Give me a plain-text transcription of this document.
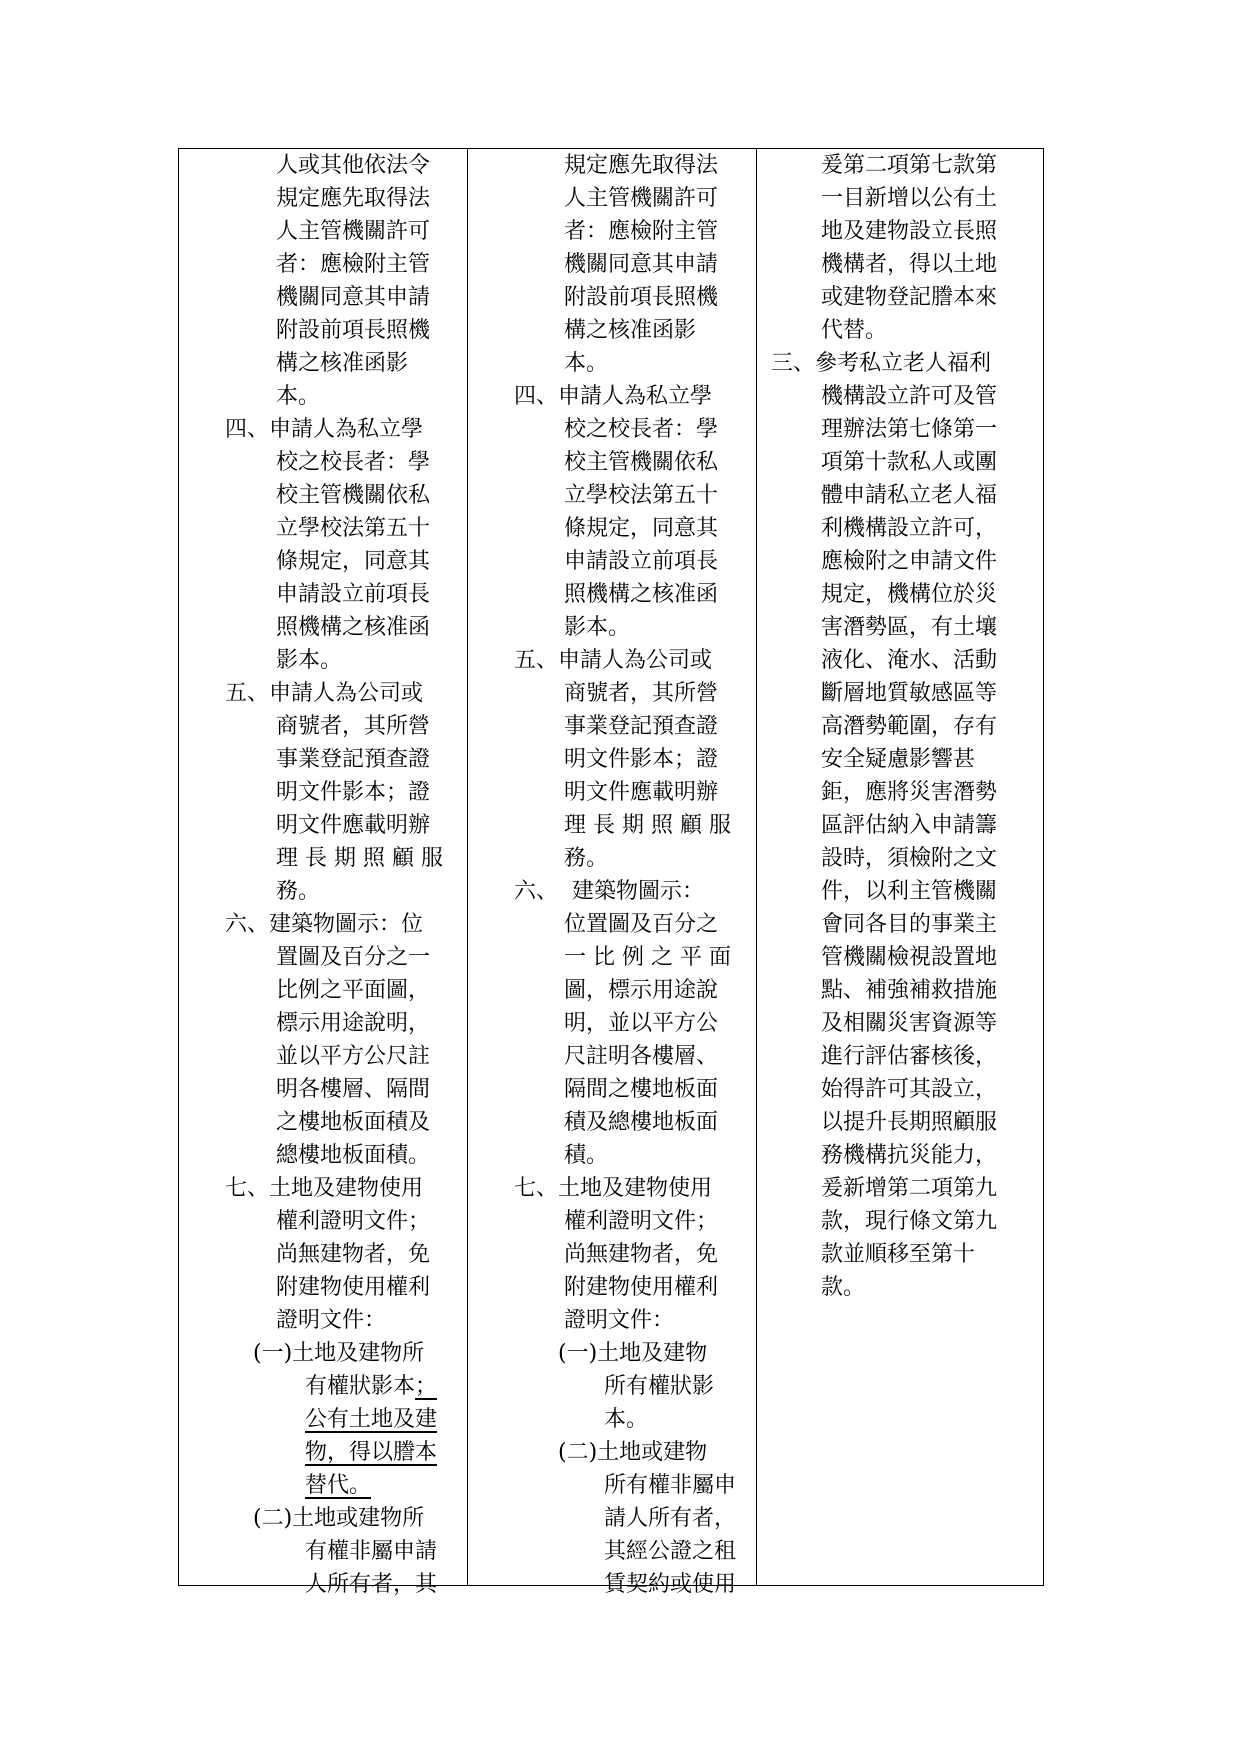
人或其他依法令
規定應先取得法
人主管機關許可
者：應檢附主管
機關同意其申請
附設前項長照機
構之核准函影
本。
四、申請人為私立學
校之校長者：學
校主管機關依私
立學校法第五十
條規定，同意其
申請設立前項長
照機構之核准函
影本。
五、申請人為公司或
商號者，其所營
事業登記預查證
明文件影本；證
明文件應載明辦
理 長 期 照 顧 服
務。
六、建築物圖示：位
置圖及百分之一
比例之平面圖，
標示用途說明，
並以平方公尺註
明各樓層、隔間
之樓地板面積及
總樓地板面積。
七、土地及建物使用
權利證明文件；
尚無建物者，免
附建物使用權利
證明文件：
(一)土地及建物所
有權狀影本；
公有土地及建
物，得以謄本
替代。
(二)土地或建物所
有權非屬申請
人所有者，其
規定應先取得法
人主管機關許可
者：應檢附主管
機關同意其申請
附設前項長照機
構之核准函影
本。
四、申請人為私立學
校之校長者：學
校主管機關依私
立學校法第五十
條規定，同意其
申請設立前項長
照機構之核准函
影本。
五、申請人為公司或
商號者，其所營
事業登記預查證
明文件影本；證
明文件應載明辦
理 長 期 照 顧 服
務。
六、  建築物圖示：
位置圖及百分之
一 比 例 之 平 面
圖，標示用途說
明，並以平方公
尺註明各樓層、
隔間之樓地板面
積及總樓地板面
積。
七、土地及建物使用
權利證明文件；
尚無建物者，免
附建物使用權利
證明文件：
(一)土地及建物
所有權狀影
本。
(二)土地或建物
所有權非屬申
請人所有者，
其經公證之租
賃契約或使用
爰第二項第七款第
一目新增以公有土
地及建物設立長照
機構者，得以土地
或建物登記謄本來
代替。
三、參考私立老人福利
機構設立許可及管
理辦法第七條第一
項第十款私人或團
體申請私立老人福
利機構設立許可，
應檢附之申請文件
規定，機構位於災
害潛勢區，有土壤
液化、淹水、活動
斷層地質敏感區等
高潛勢範圍，存有
安全疑慮影響甚
鉅，應將災害潛勢
區評估納入申請籌
設時，須檢附之文
件，以利主管機關
會同各目的事業主
管機關檢視設置地
點、補強補救措施
及相關災害資源等
進行評估審核後，
始得許可其設立，
以提升長期照顧服
務機構抗災能力，
爰新增第二項第九
款，現行條文第九
款並順移至第十
款。
